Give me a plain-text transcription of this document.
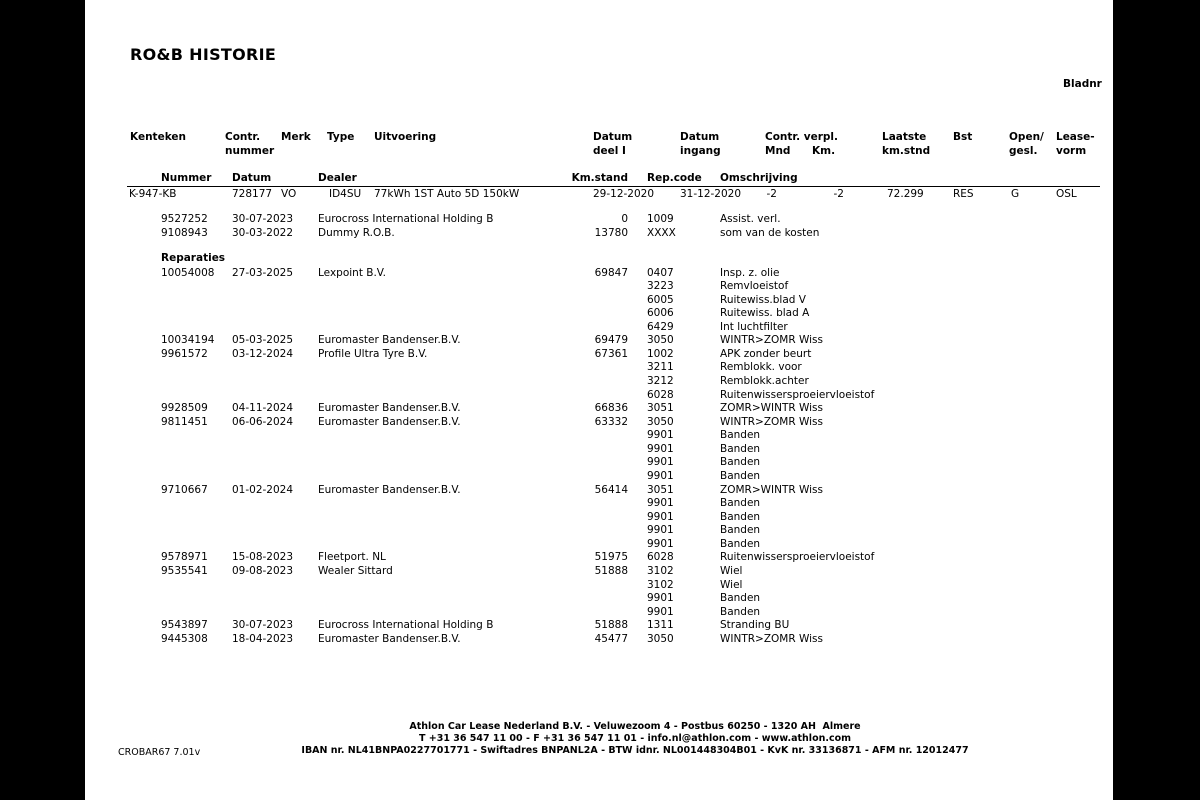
RO&B HISTORIE
Bladnr
Kenteken	Contr. Merk Type Uitvoering	Datum	Datum	Contr. verpl.	Laatste	Bst	Open/ Lease-
nummer	deel I	ingang	Mnd Km.	km.stnd	gesl. vorm
Nummer Datum	Dealer	Km.stand Rep.code Omschrijving
K-947-KB	728177 VO	ID4SU 77kWh 1ST Auto 5D 150kW	29-12-2020 31-12-2020	-2	-2	72.299	RES	G	OSL
9527252 30-07-2023 Eurocross International Holding B	0 1009	Assist. verl.
9108943 30-03-2022 Dummy R.O.B.	13780 XXXX	som van de kosten
10054008 27-03-2025 Lexpoint B.V.	69847 0407	Insp. z. olie
3223	Remvloeistof
6005	Ruitewiss.blad V
6006	Ruitewiss. blad A
6429	Int luchtfilter
10034194 05-03-2025 Euromaster Bandenser.B.V.	69479 3050	WINTR>ZOMR Wiss
9961572 03-12-2024 Profile Ultra Tyre B.V.	67361 1002	APK zonder beurt
3211	Remblokk. voor
3212	Remblokk.achter
6028	Ruitenwissersproeiervloeistof
9928509 04-11-2024 Euromaster Bandenser.B.V.	66836 3051	ZOMR>WINTR Wiss
9811451 06-06-2024 Euromaster Bandenser.B.V.	63332 3050	WINTR>ZOMR Wiss
9901	Banden
9901	Banden
9901	Banden
9901	Banden
9710667 01-02-2024 Euromaster Bandenser.B.V.	56414 3051	ZOMR>WINTR Wiss
9901	Banden
9901	Banden
9901	Banden
9901	Banden
9578971 15-08-2023 Fleetport. NL	51975 6028	Ruitenwissersproeiervloeistof
9535541 09-08-2023 Wealer Sittard	51888 3102	Wiel
3102	Wiel
9901	Banden
9901	Banden
9543897 30-07-2023 Eurocross International Holding B	51888 1311	Stranding BU
9445308 18-04-2023 Euromaster Bandenser.B.V.	45477 3050	WINTR>ZOMR Wiss
Reparaties
Athlon Car Lease Nederland B.V. - Veluwezoom 4 - Postbus 60250 - 1320 AH  Almere
T +31 36 547 11 00 - F +31 36 547 11 01 - info.nl@athlon.com - www.athlon.com
IBAN nr. NL41BNPA0227701771 - Swiftadres BNPANL2A - BTW idnr. NL001448304B01 - KvK nr. 33136871 - AFM nr. 12012477
CROBAR67 7.01v
